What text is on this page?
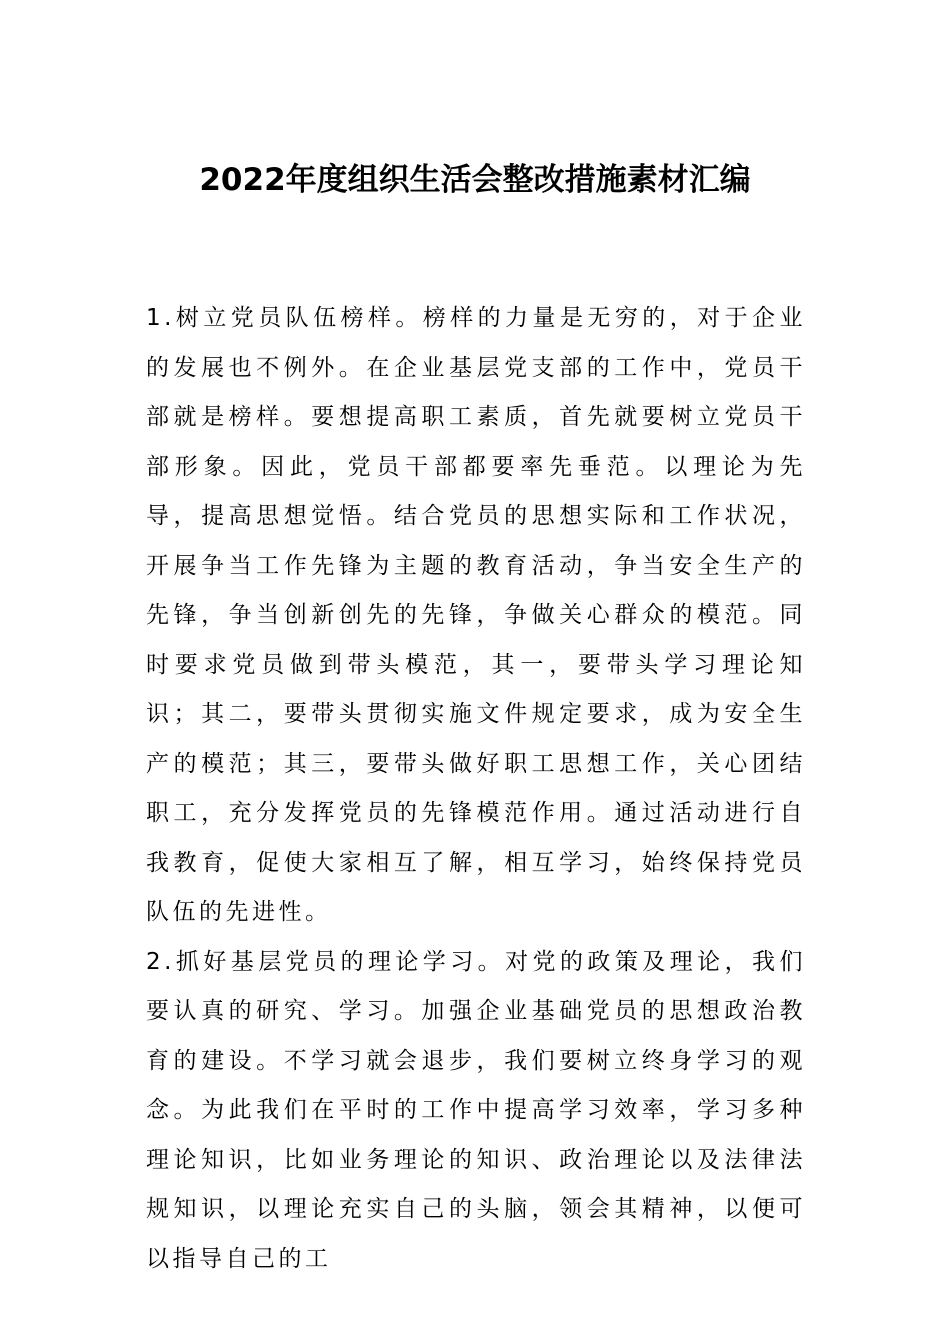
2022年度组织生活会整改措施素材汇编

1.树立党员队伍榜样。榜样的力量是无穷的，对于企业的发展也不例外。在企业基层党支部的工作中，党员干部就是榜样。要想提高职工素质，首先就要树立党员干部形象。因此，党员干部都要率先垂范。以理论为先导，提高思想觉悟。结合党员的思想实际和工作状况，开展争当工作先锋为主题的教育活动，争当安全生产的先锋，争当创新创先的先锋，争做关心群众的模范。同时要求党员做到带头模范，其一，要带头学习理论知识；其二，要带头贯彻实施文件规定要求，成为安全生产的模范；其三，要带头做好职工思想工作，关心团结职工，充分发挥党员的先锋模范作用。通过活动进行自我教育，促使大家相互了解，相互学习，始终保持党员队伍的先进性。

2.抓好基层党员的理论学习。对党的政策及理论，我们要认真的研究、学习。加强企业基础党员的思想政治教育的建设。不学习就会退步，我们要树立终身学习的观念。为此我们在平时的工作中提高学习效率，学习多种理论知识，比如业务理论的知识、政治理论以及法律法规知识，以理论充实自己的头脑，领会其精神，以便可以指导自己的工
